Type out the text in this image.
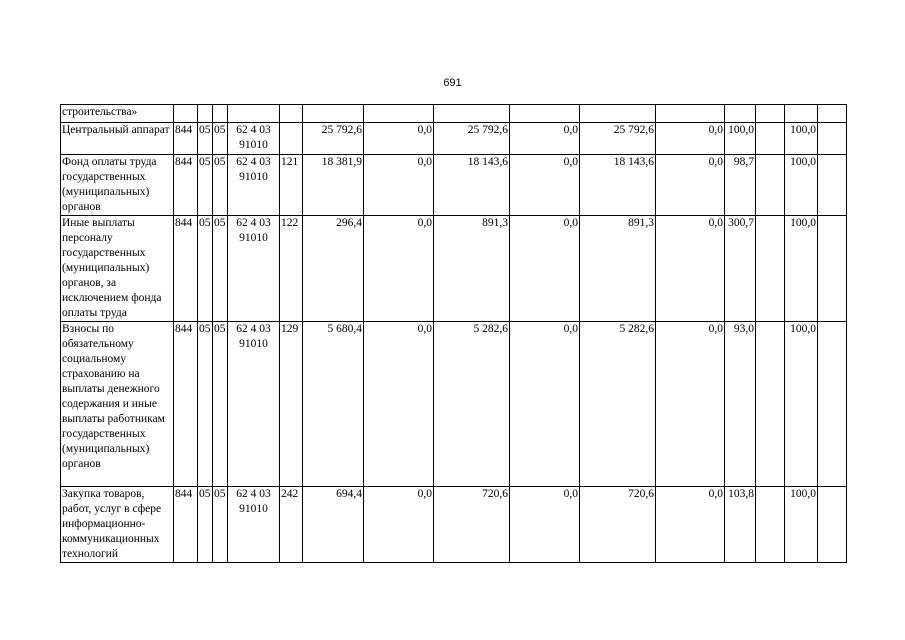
691
строительства»															
Центральный аппарат	844	05	05	62 4 03 91010		25 792,6	0,0	25 792,6	0,0	25 792,6	0,0	100,0		100,0	
Фонд оплаты труда государственных (муниципальных) органов	844	05	05	62 4 03 91010	121	18 381,9	0,0	18 143,6	0,0	18 143,6	0,0	98,7		100,0	
Иные выплаты персоналу государственных (муниципальных) органов, за исключением фонда оплаты труда	844	05	05	62 4 03 91010	122	296,4	0,0	891,3	0,0	891,3	0,0	300,7		100,0	
Взносы по обязательному социальному страхованию на выплаты денежного содержания и иные выплаты работникам государственных (муниципальных) органов	844	05	05	62 4 03 91010	129	5 680,4	0,0	5 282,6	0,0	5 282,6	0,0	93,0		100,0	
Закупка товаров, работ, услуг в сфере информационно-коммуникационных технологий	844	05	05	62 4 03 91010	242	694,4	0,0	720,6	0,0	720,6	0,0	103,8		100,0	
